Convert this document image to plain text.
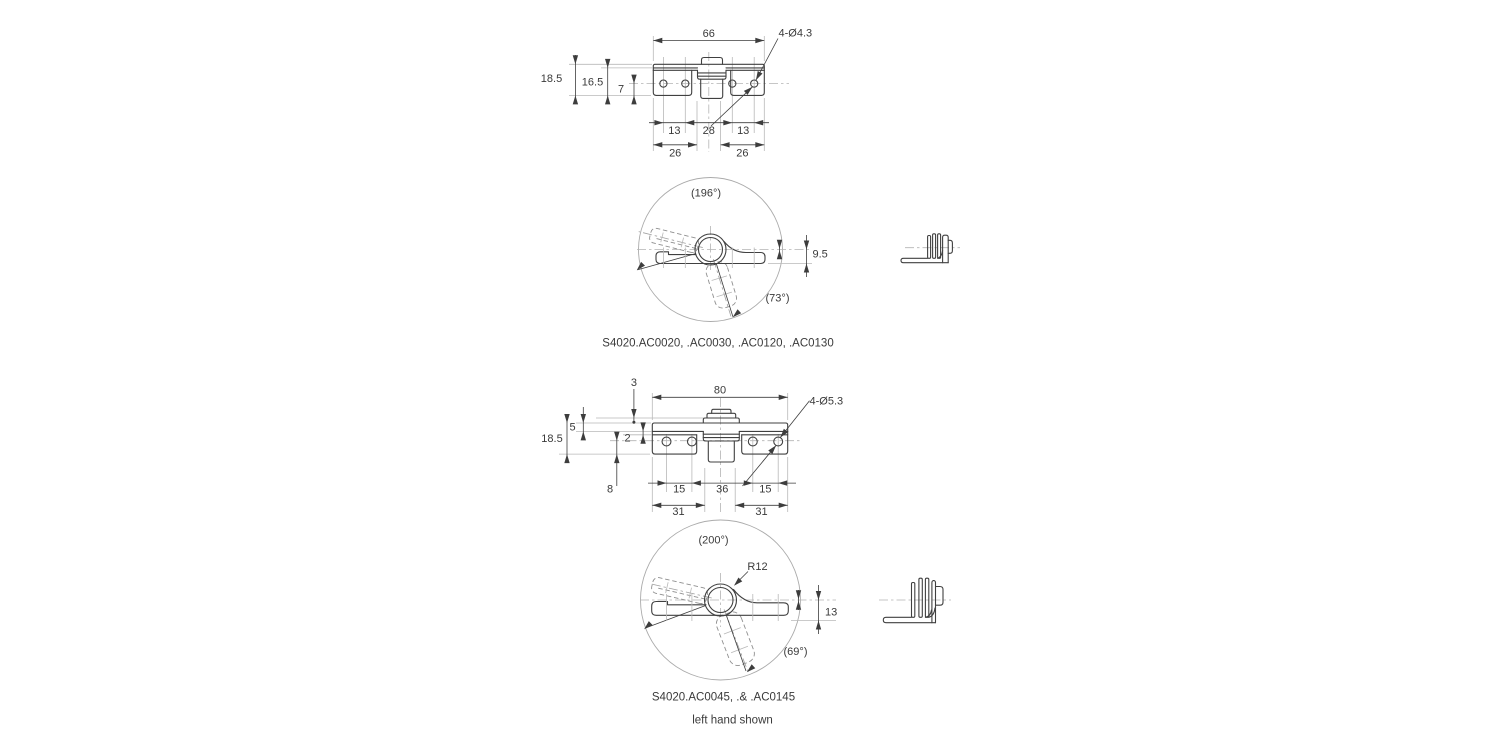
66	4-Ø4.3
18.5 16.5
7
13 28 13
26	26
(196°)
9.5
(73°)
S4020.AC0020, .AC0030, .AC0120, .AC0130
3
80
4-Ø5.3
5
2
18.5
8	15	36	15
31	31
(200°)
R12
13
(69°)
S4020.AC0045, .& .AC0145
left hand shown
